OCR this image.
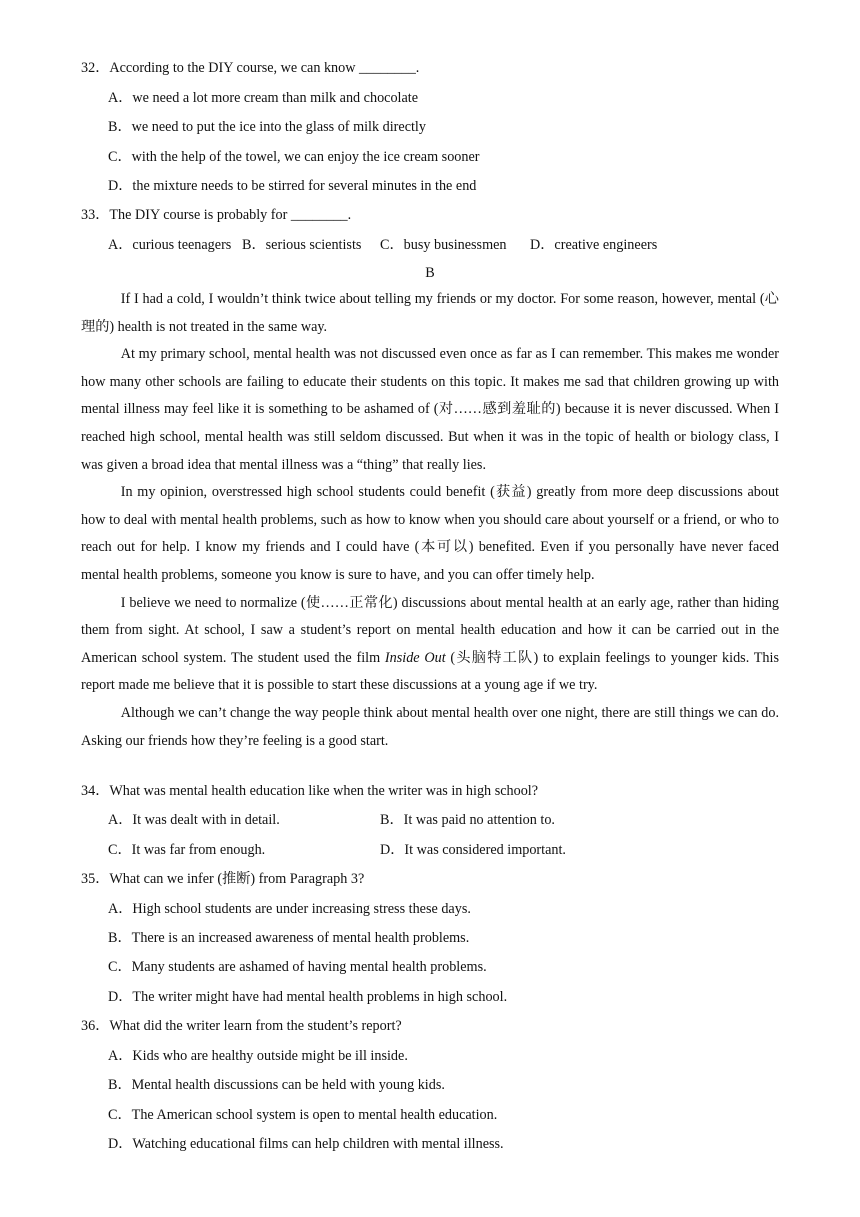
32．According to the DIY course, we can know ________.
A．we need a lot more cream than milk and chocolate
B．we need to put the ice into the glass of milk directly
C．with the help of the towel, we can enjoy the ice cream sooner
D．the mixture needs to be stirred for several minutes in the end
33．The DIY course is probably for ________.
A．curious teenagers B．serious scientists C．busy businessmen D．creative engineers
B

If I had a cold, I wouldn’t think twice about telling my friends or my doctor. For some reason, however, mental (心理的) health is not treated in the same way.

At my primary school, mental health was not discussed even once as far as I can remember. This makes me wonder how many other schools are failing to educate their students on this topic. It makes me sad that children growing up with mental illness may feel like it is something to be ashamed of (对……感到羞耻的) because it is never discussed. When I reached high school, mental health was still seldom discussed. But when it was in the topic of health or biology class, I was given a broad idea that mental illness was a “thing” that really lies.

In my opinion, overstressed high school students could benefit (获益) greatly from more deep discussions about how to deal with mental health problems, such as how to know when you should care about yourself or a friend, or who to reach out for help. I know my friends and I could have (本可以) benefited. Even if you personally have never faced mental health problems, someone you know is sure to have, and you can offer timely help.

I believe we need to normalize (使……正常化) discussions about mental health at an early age, rather than hiding them from sight. At school, I saw a student’s report on mental health education and how it can be carried out in the American school system. The student used the film Inside Out (头脑特工队) to explain feelings to younger kids. This report made me believe that it is possible to start these discussions at a young age if we try.

Although we can’t change the way people think about mental health over one night, there are still things we can do. Asking our friends how they’re feeling is a good start.

34．What was mental health education like when the writer was in high school?
A．It was dealt with in detail.	B．It was paid no attention to.
C．It was far from enough.	D．It was considered important.
35．What can we infer (推断) from Paragraph 3?
A．High school students are under increasing stress these days.
B．There is an increased awareness of mental health problems.
C．Many students are ashamed of having mental health problems.
D．The writer might have had mental health problems in high school.
36．What did the writer learn from the student’s report?
A．Kids who are healthy outside might be ill inside.
B．Mental health discussions can be held with young kids.
C．The American school system is open to mental health education.
D．Watching educational films can help children with mental illness.
